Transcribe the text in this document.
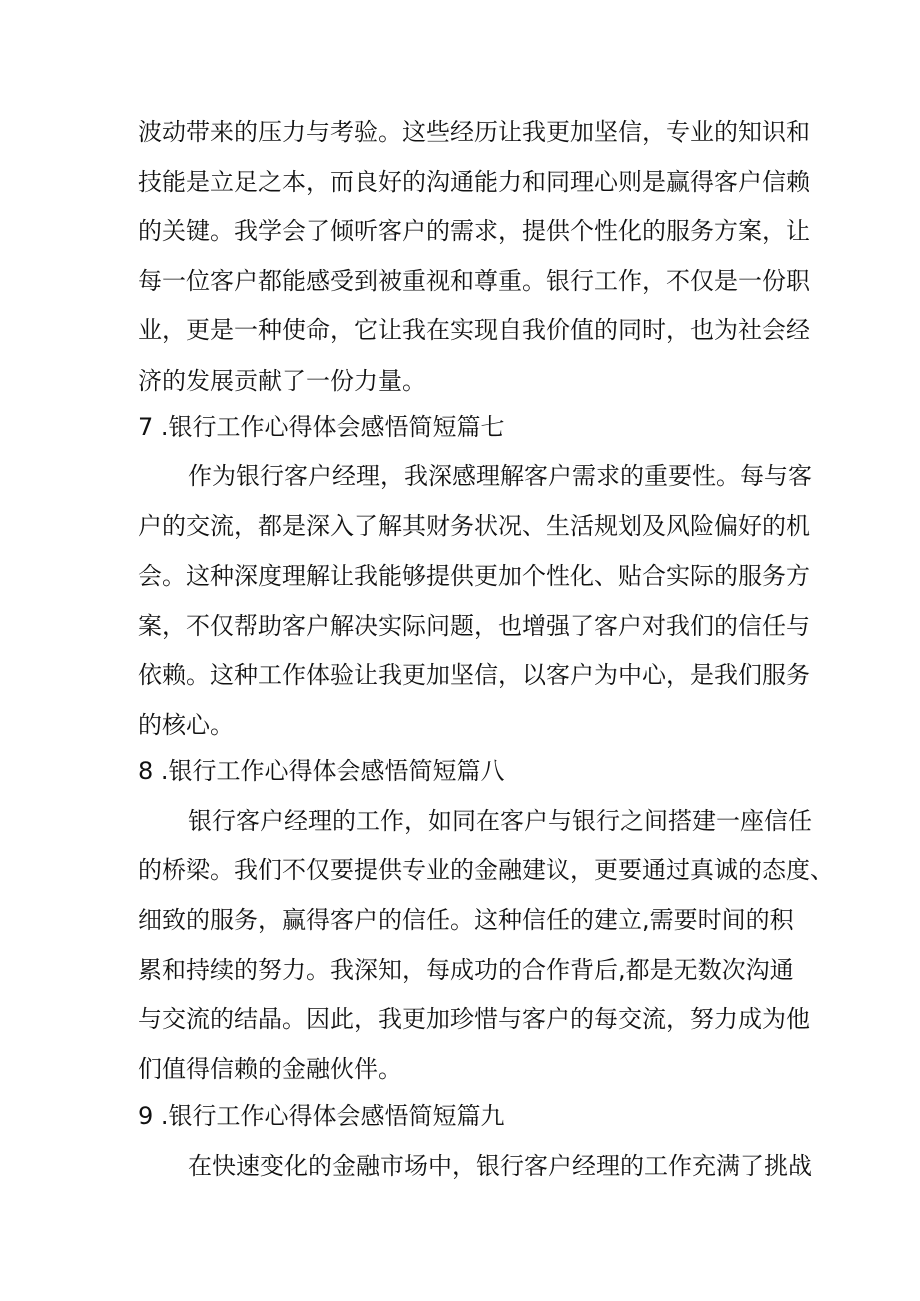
波动带来的压力与考验。这些经历让我更加坚信，专业的知识和
技能是立足之本，而良好的沟通能力和同理心则是赢得客户信赖
的关键。我学会了倾听客户的需求，提供个性化的服务方案，让
每一位客户都能感受到被重视和尊重。银行工作，不仅是一份职
业，更是一种使命，它让我在实现自我价值的同时，也为社会经
济的发展贡献了一份力量。
7 .银行工作心得体会感悟简短篇七
作为银行客户经理，我深感理解客户需求的重要性。每与客
户的交流，都是深入了解其财务状况、生活规划及风险偏好的机
会。这种深度理解让我能够提供更加个性化、贴合实际的服务方
案，不仅帮助客户解决实际问题，也增强了客户对我们的信任与
依赖。这种工作体验让我更加坚信，以客户为中心，是我们服务
的核心。
8 .银行工作心得体会感悟简短篇八
银行客户经理的工作，如同在客户与银行之间搭建一座信任
的桥梁。我们不仅要提供专业的金融建议，更要通过真诚的态度、
细致的服务，赢得客户的信任。这种信任的建立,需要时间的积
累和持续的努力。我深知，每成功的合作背后,都是无数次沟通
与交流的结晶。因此，我更加珍惜与客户的每交流，努力成为他
们值得信赖的金融伙伴。
9 .银行工作心得体会感悟简短篇九
在快速变化的金融市场中，银行客户经理的工作充满了挑战
